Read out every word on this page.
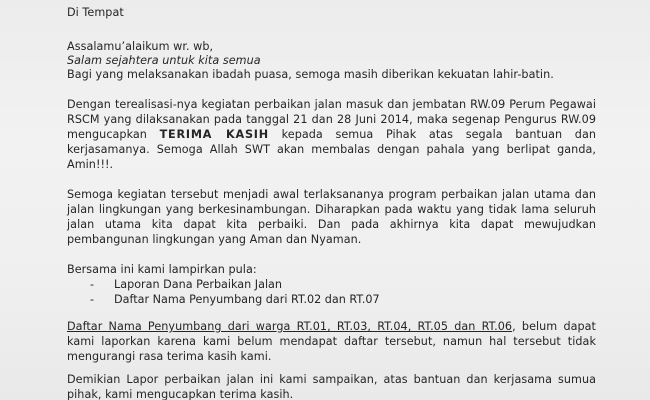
Di Tempat
Assalamu’alaikum wr. wb,
Salam sejahtera untuk kita semua
Bagi yang melaksanakan ibadah puasa, semoga masih diberikan kekuatan lahir-batin.
Dengan terealisasi-nya kegiatan perbaikan jalan masuk dan jembatan RW.09 Perum Pegawai
RSCM yang dilaksanakan pada tanggal 21 dan 28 Juni 2014, maka segenap Pengurus RW.09
mengucapkan TERIMA KASIH kepada semua Pihak atas segala bantuan dan
kerjasamanya. Semoga Allah SWT akan membalas dengan pahala yang berlipat ganda,
Amin!!!.
Semoga kegiatan tersebut menjadi awal terlaksananya program perbaikan jalan utama dan
jalan lingkungan yang berkesinambungan. Diharapkan pada waktu yang tidak lama seluruh
jalan utama kita dapat kita perbaiki. Dan pada akhirnya kita dapat mewujudkan
pembangunan lingkungan yang Aman dan Nyaman.
Bersama ini kami lampirkan pula:
- Laporan Dana Perbaikan Jalan
- Daftar Nama Penyumbang dari RT.02 dan RT.07
Daftar Nama Penyumbang dari warga RT.01, RT.03, RT.04, RT.05 dan RT.06, belum dapat
kami laporkan karena kami belum mendapat daftar tersebut, namun hal tersebut tidak
mengurangi rasa terima kasih kami.
Demikian Lapor perbaikan jalan ini kami sampaikan, atas bantuan dan kerjasama sumua
pihak, kami mengucapkan terima kasih.
